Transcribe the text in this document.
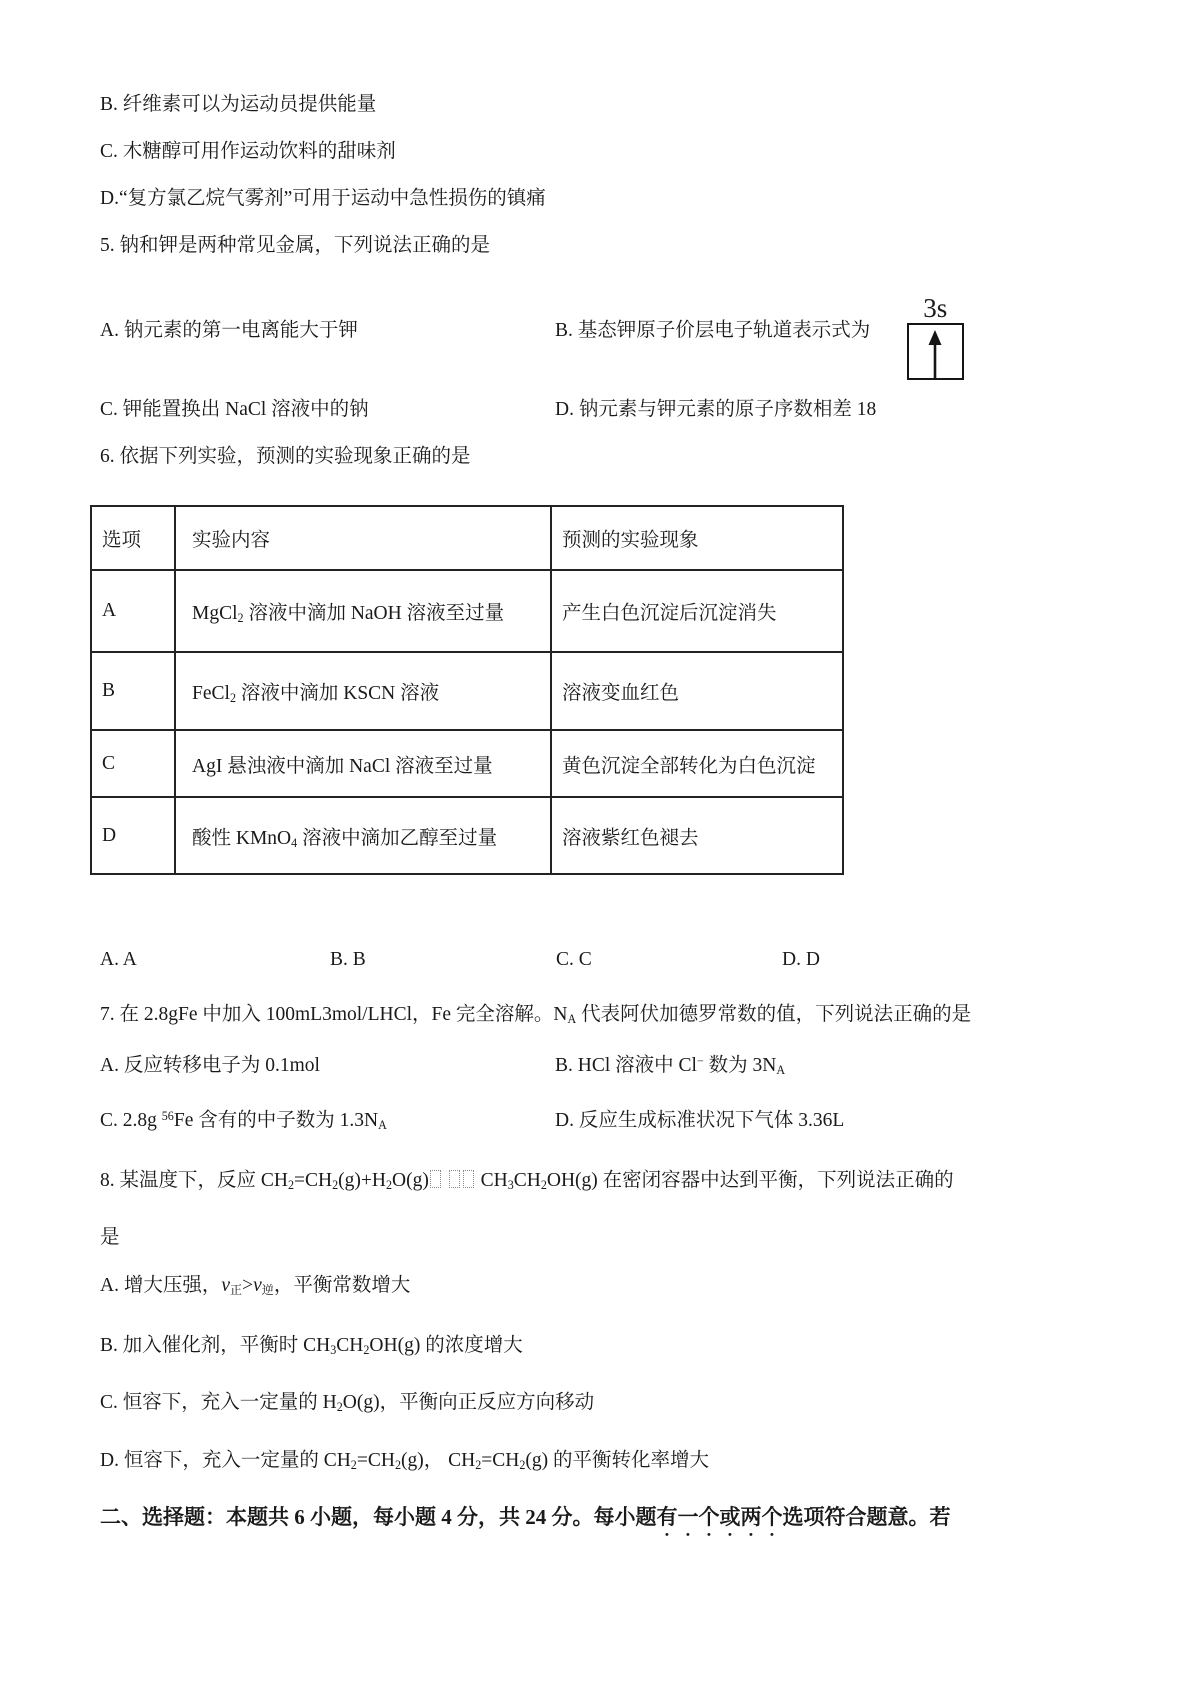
B. 纤维素可以为运动员提供能量
C. 木糖醇可用作运动饮料的甜味剂
D.“复方氯乙烷气雾剂”可用于运动中急性损伤的镇痛
5. 钠和钾是两种常见金属，下列说法正确的是
A. 钠元素的第一电离能大于钾	B. 基态钾原子价层电子轨道表示式为
3s
C. 钾能置换出 NaCl 溶液中的钠	D. 钠元素与钾元素的原子序数相差 18
6. 依据下列实验，预测的实验现象正确的是
选项	实验内容	预测的实验现象
A	MgCl$_2$ 溶液中滴加 NaOH 溶液至过量	产生白色沉淀后沉淀消失
B	FeCl$_2$ 溶液中滴加 KSCN 溶液	溶液变血红色
C	AgI 悬浊液中滴加 NaCl 溶液至过量	黄色沉淀全部转化为白色沉淀
D	酸性 KMnO$_4$ 溶液中滴加乙醇至过量	溶液紫红色褪去
A. A	B. B	C. C	D. D
7. 在 2.8gFe 中加入 100mL3mol/LHCl，Fe 完全溶解。$N_A$ 代表阿伏加德罗常数的值，下列说法正确的是
A. 反应转移电子为 0.1mol	B. HCl 溶液中 Cl− 数为 $3N_A$
C. 2.8g $^{56}$Fe 含有的中子数为 $1.3N_A$	D. 反应生成标准状况下气体 3.36L
8. 某温度下，反应 $CH_2=CH_2(g)+H_2O(g)$  $CH_3CH_2OH(g)$ 在密闭容器中达到平衡，下列说法正确的
是
A. 增大压强，$v_正>v_逆$，平衡常数增大
B. 加入催化剂，平衡时 $CH_3CH_2OH(g)$ 的浓度增大
C. 恒容下，充入一定量的 $H_2O(g)$，平衡向正反应方向移动
D. 恒容下，充入一定量的 $CH_2=CH_2(g)$， $CH_2=CH_2(g)$ 的平衡转化率增大
二、选择题：本题共 6 小题，每小题 4 分，共 24 分。每小题有一个或两个选项符合题意。若
